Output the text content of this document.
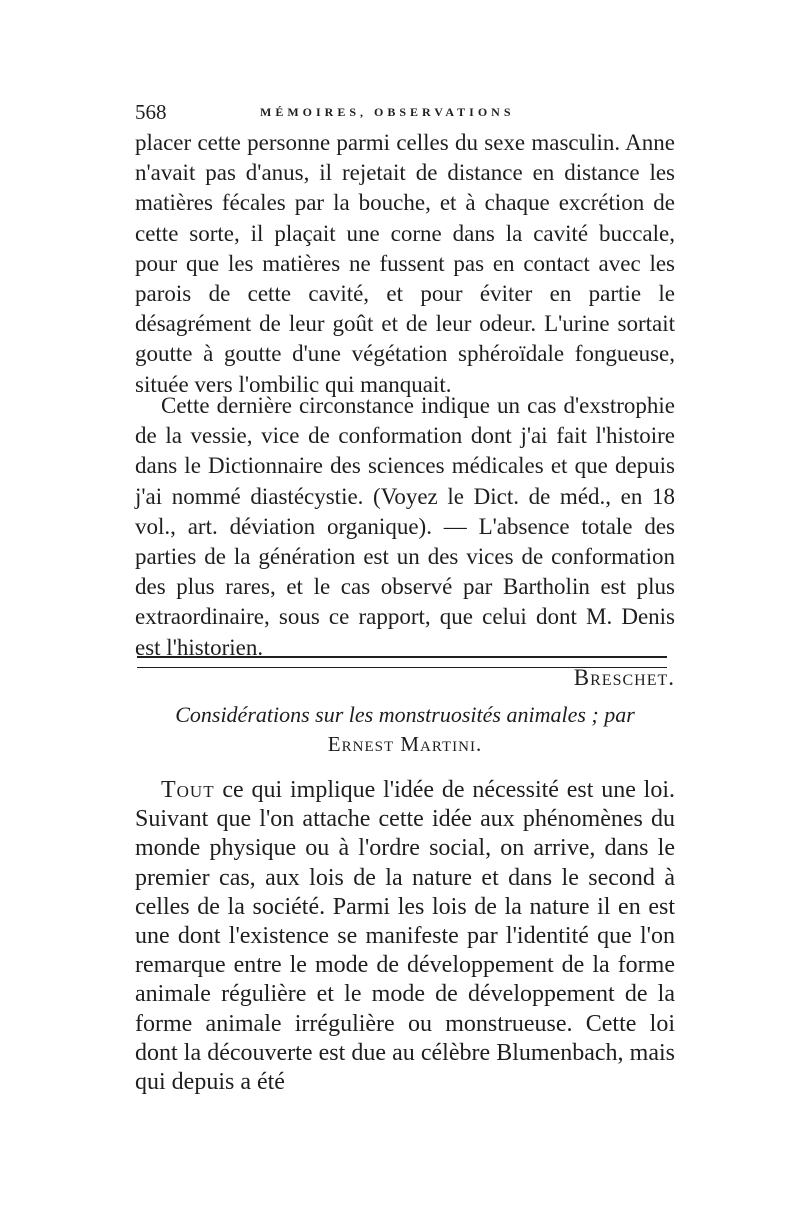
568	MÉMOIRES, OBSERVATIONS

placer cette personne parmi celles du sexe masculin. Anne n'avait pas d'anus, il rejetait de distance en distance les matières fécales par la bouche, et à chaque excrétion de cette sorte, il plaçait une corne dans la cavité buccale, pour que les matières ne fussent pas en contact avec les parois de cette cavité, et pour éviter en partie le désagrément de leur goût et de leur odeur. L'urine sortait goutte à goutte d'une végétation sphéroïdale fongueuse, située vers l'ombilic qui manquait.

Cette dernière circonstance indique un cas d'exstrophie de la vessie, vice de conformation dont j'ai fait l'histoire dans le Dictionnaire des sciences médicales et que depuis j'ai nommé diastécystie. (Voyez le Dict. de méd., en 18 vol., art. déviation organique). — L'absence totale des parties de la génération est un des vices de conformation des plus rares, et le cas observé par Bartholin est plus extraordinaire, sous ce rapport, que celui dont M. Denis est l'historien.

Breschet.

Considérations sur les monstruosités animales ; par
Ernest Martini.

Tout ce qui implique l'idée de nécessité est une loi. Suivant que l'on attache cette idée aux phénomènes du monde physique ou à l'ordre social, on arrive, dans le premier cas, aux lois de la nature et dans le second à celles de la société. Parmi les lois de la nature il en est une dont l'existence se manifeste par l'identité que l'on remarque entre le mode de développement de la forme animale régulière et le mode de développement de la forme animale irrégulière ou monstrueuse. Cette loi dont la découverte est due au célèbre Blumenbach, mais qui depuis a été
